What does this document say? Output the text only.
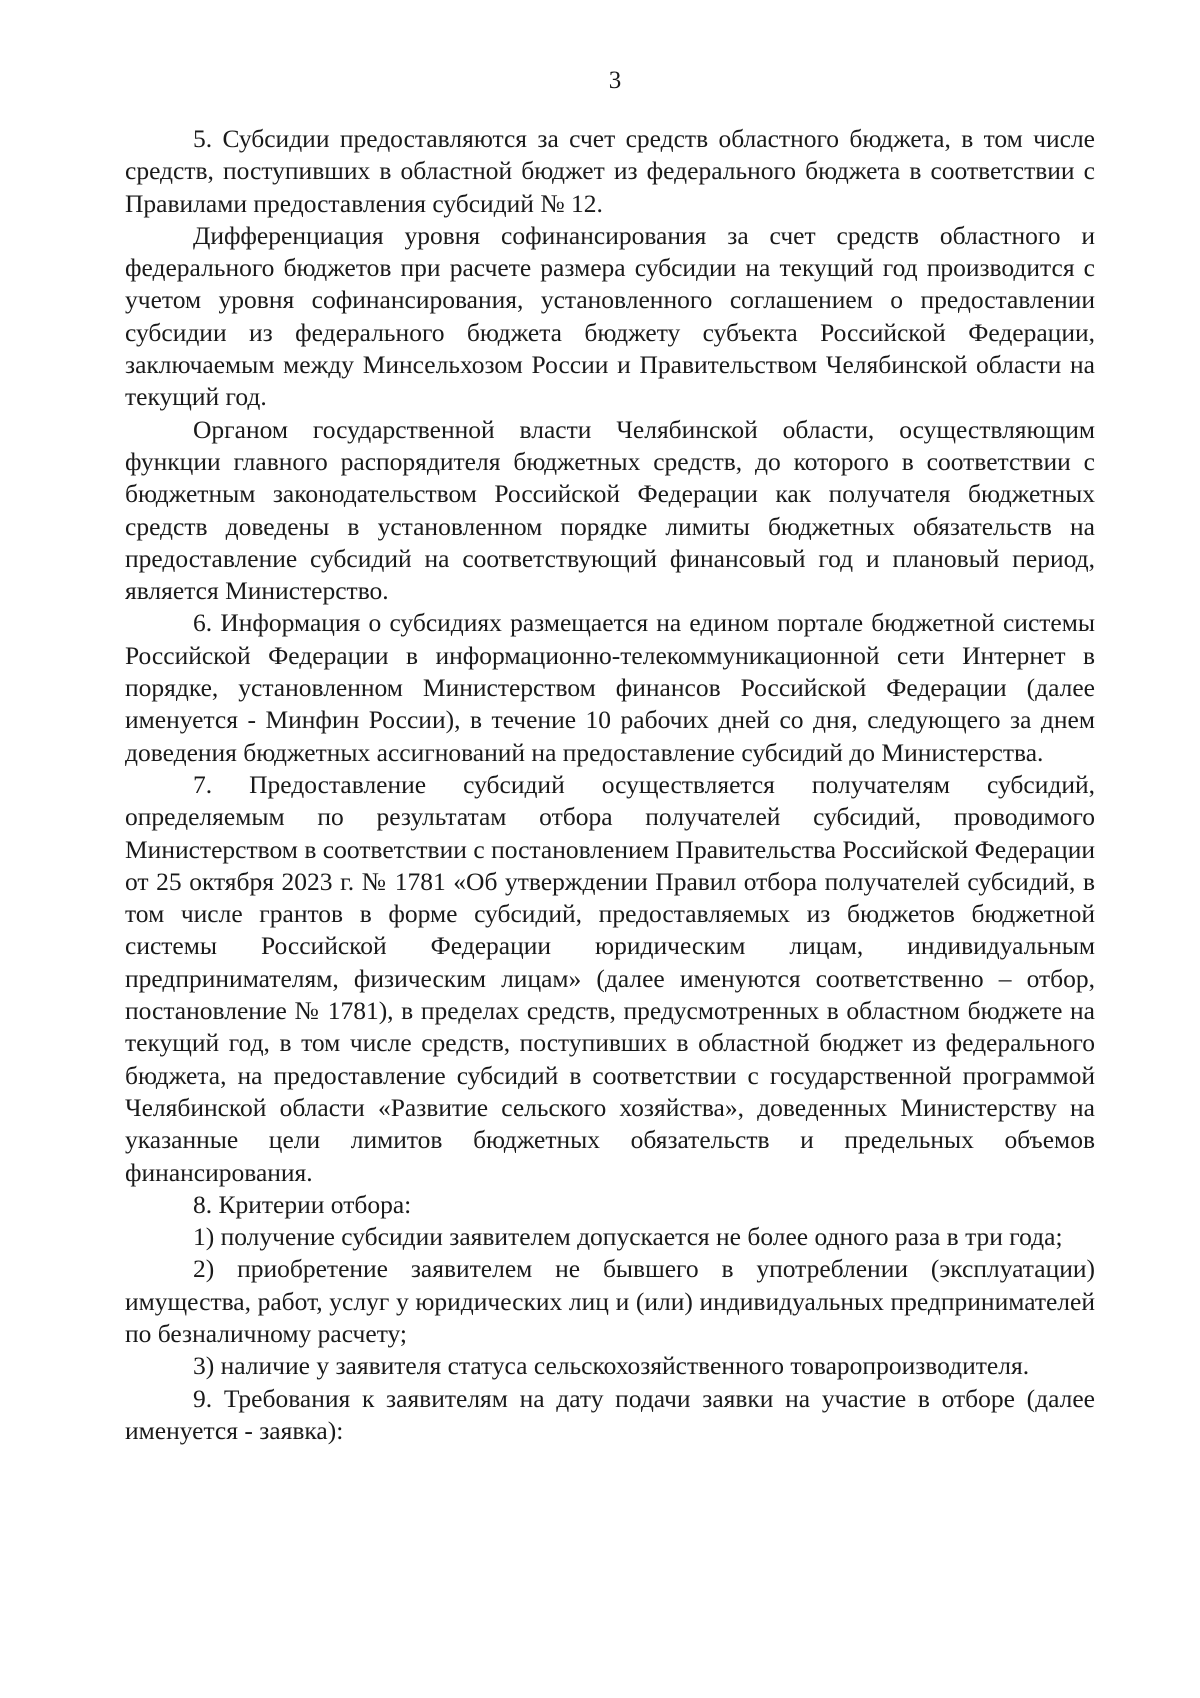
3

5. Субсидии предоставляются за счет средств областного бюджета, в том числе средств, поступивших в областной бюджет из федерального бюджета в соответствии с Правилами предоставления субсидий № 12.

Дифференциация уровня софинансирования за счет средств областного и федерального бюджетов при расчете размера субсидии на текущий год производится с учетом уровня софинансирования, установленного соглашением о предоставлении субсидии из федерального бюджета бюджету субъекта Российской Федерации, заключаемым между Минсельхозом России и Правительством Челябинской области на текущий год.

Органом государственной власти Челябинской области, осуществляющим функции главного распорядителя бюджетных средств, до которого в соответствии с бюджетным законодательством Российской Федерации как получателя бюджетных средств доведены в установленном порядке лимиты бюджетных обязательств на предоставление субсидий на соответствующий финансовый год и плановый период, является Министерство.

6. Информация о субсидиях размещается на едином портале бюджетной системы Российской Федерации в информационно-телекоммуникационной сети Интернет в порядке, установленном Министерством финансов Российской Федерации (далее именуется - Минфин России), в течение 10 рабочих дней со дня, следующего за днем доведения бюджетных ассигнований на предоставление субсидий до Министерства.

7. Предоставление субсидий осуществляется получателям субсидий, определяемым по результатам отбора получателей субсидий, проводимого Министерством в соответствии с постановлением Правительства Российской Федерации от 25 октября 2023 г. № 1781 «Об утверждении Правил отбора получателей субсидий, в том числе грантов в форме субсидий, предоставляемых из бюджетов бюджетной системы Российской Федерации юридическим лицам, индивидуальным предпринимателям, физическим лицам» (далее именуются соответственно – отбор, постановление № 1781), в пределах средств, предусмотренных в областном бюджете на текущий год, в том числе средств, поступивших в областной бюджет из федерального бюджета, на предоставление субсидий в соответствии с государственной программой Челябинской области «Развитие сельского хозяйства», доведенных Министерству на указанные цели лимитов бюджетных обязательств и предельных объемов финансирования.

8. Критерии отбора:

1) получение субсидии заявителем допускается не более одного раза в три года;

2) приобретение заявителем не бывшего в употреблении (эксплуатации) имущества, работ, услуг у юридических лиц и (или) индивидуальных предпринимателей по безналичному расчету;

3) наличие у заявителя статуса сельскохозяйственного товаропроизводителя.

9. Требования к заявителям на дату подачи заявки на участие в отборе (далее именуется - заявка):
